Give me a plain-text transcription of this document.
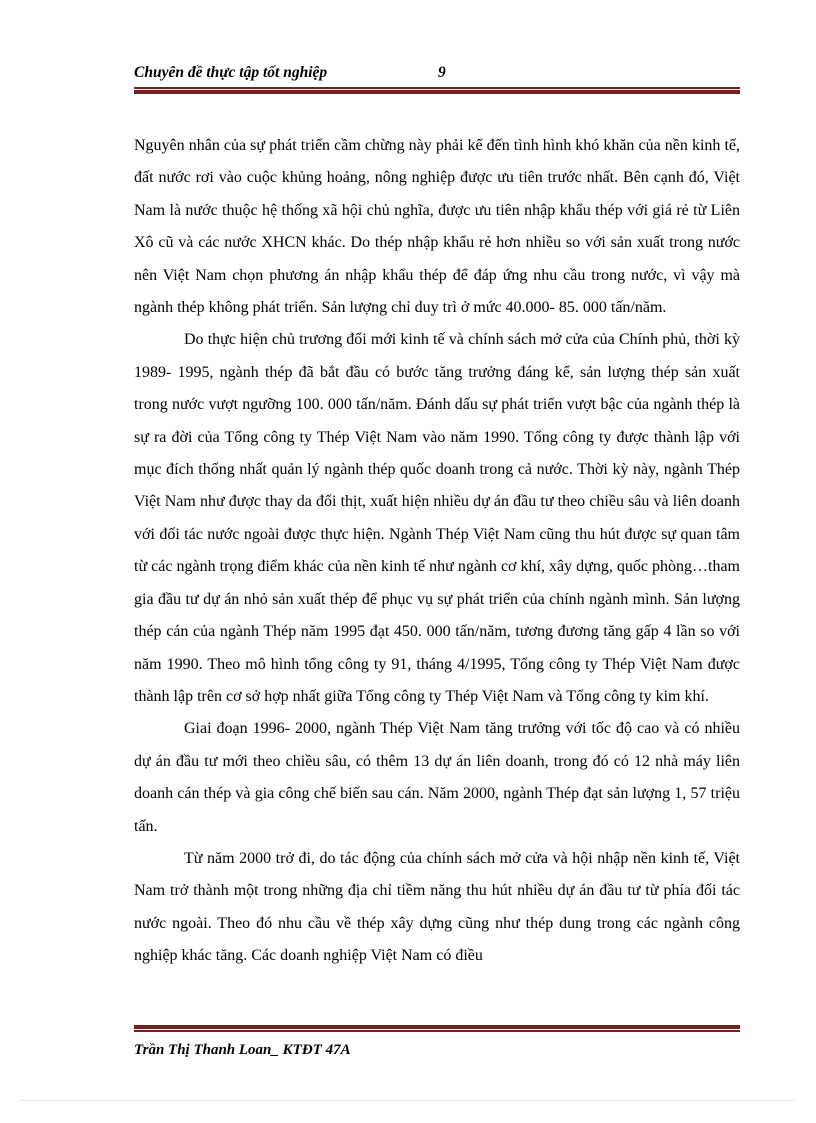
Chuyên đề thực tập tốt nghiệp	9

Nguyên nhân của sự phát triển cầm chừng này phải kể đến tình hình khó khăn của nền kinh tế, đất nước rơi vào cuộc khủng hoảng, nông nghiệp được ưu tiên trước nhất. Bên cạnh đó, Việt Nam là nước thuộc hệ thống xã hội chủ nghĩa, được ưu tiên nhập khẩu thép với giá rẻ từ Liên Xô cũ và các nước XHCN khác. Do thép nhập khẩu rẻ hơn nhiều so với sản xuất trong nước nên Việt Nam chọn phương án nhập khẩu thép để đáp ứng nhu cầu trong nước, vì vậy mà ngành thép không phát triển. Sản lượng chỉ duy trì ở mức 40.000- 85. 000 tấn/năm.

Do thực hiện chủ trương đổi mới kinh tế và chính sách mở cửa của Chính phủ, thời kỳ 1989- 1995, ngành thép đã bắt đầu có bước tăng trưởng đáng kể, sản lượng thép sản xuất trong nước vượt ngưỡng 100. 000 tấn/năm. Đánh dấu sự phát triển vượt bậc của ngành thép là sự ra đời của Tổng công ty Thép Việt Nam vào năm 1990. Tổng công ty được thành lập với mục đích thống nhất quản lý ngành thép quốc doanh trong cả nước. Thời kỳ này, ngành Thép Việt Nam như được thay da đổi thịt, xuất hiện nhiều dự án đầu tư theo chiều sâu và liên doanh với đối tác nước ngoài được thực hiện. Ngành Thép Việt Nam cũng thu hút được sự quan tâm từ các ngành trọng điểm khác của nền kinh tế như ngành cơ khí, xây dựng, quốc phòng…tham gia đầu tư dự án nhỏ sản xuất thép để phục vụ sự phát triển của chính ngành mình. Sản lượng thép cán của ngành Thép năm 1995 đạt 450. 000 tấn/năm, tương đương tăng gấp 4 lần so với năm 1990. Theo mô hình tổng công ty 91, tháng 4/1995, Tổng công ty Thép Việt Nam được thành lập trên cơ sở hợp nhất giữa Tổng công ty Thép Việt Nam và Tổng công ty kim khí.

Giai đoạn 1996- 2000, ngành Thép Việt Nam tăng trưởng với tốc độ cao và có nhiều dự án đầu tư mới theo chiều sâu, có thêm 13 dự án liên doanh, trong đó có 12 nhà máy liên doanh cán thép và gia công chế biến sau cán. Năm 2000, ngành Thép đạt sản lượng 1, 57 triệu tấn.

Từ năm 2000 trở đi, do tác động của chính sách mở cửa và hội nhập nền kinh tế, Việt Nam trở thành một trong những địa chỉ tiềm năng thu hút nhiều dự án đầu tư từ phía đối tác nước ngoài. Theo đó nhu cầu về thép xây dựng cũng như thép dung trong các ngành công nghiệp khác tăng. Các doanh nghiệp Việt Nam có điều

Trần Thị Thanh Loan_ KTĐT 47A
